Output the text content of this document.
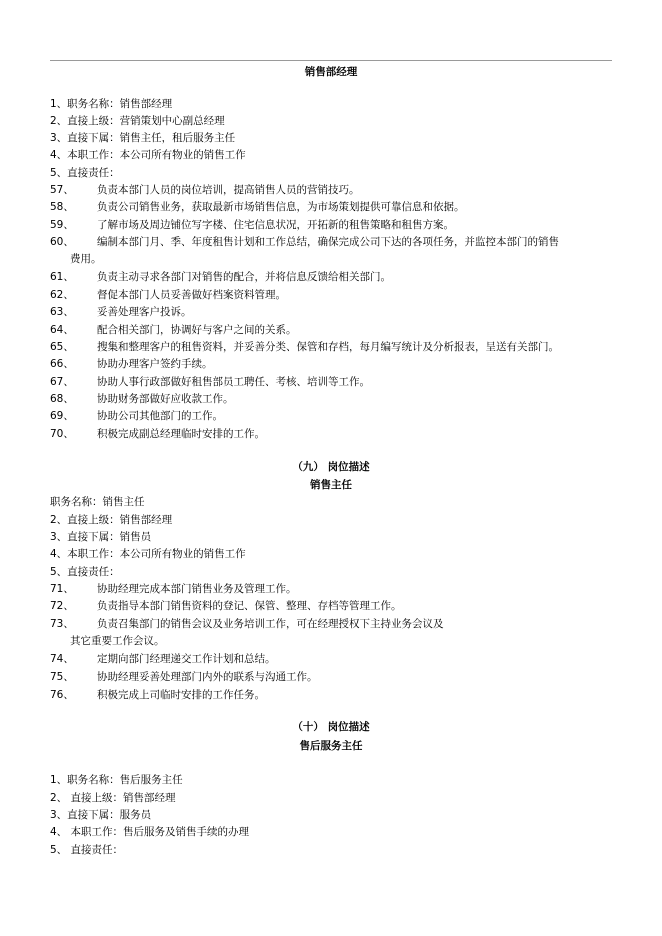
销售部经理
1、职务名称：销售部经理
2、直接上级：营销策划中心副总经理
3、直接下属：销售主任，租后服务主任
4、本职工作：本公司所有物业的销售工作
5、直接责任：
57、 负责本部门人员的岗位培训，提高销售人员的营销技巧。
58、 负责公司销售业务，获取最新市场销售信息，为市场策划提供可靠信息和依据。
59、 了解市场及周边铺位写字楼、住宅信息状况，开拓新的租售策略和租售方案。
60、 编制本部门月、季、年度租售计划和工作总结，确保完成公司下达的各项任务，并监控本部门的销售
费用。
61、 负责主动寻求各部门对销售的配合，并将信息反馈给相关部门。
62、 督促本部门人员妥善做好档案资料管理。
63、 妥善处理客户投诉。
64、 配合相关部门，协调好与客户之间的关系。
65、 搜集和整理客户的租售资料，并妥善分类、保管和存档，每月编写统计及分析报表，呈送有关部门。
66、 协助办理客户签约手续。
67、 协助人事行政部做好租售部员工聘任、考核、培训等工作。
68、 协助财务部做好应收款工作。
69、 协助公司其他部门的工作。
70、 积极完成副总经理临时安排的工作。
（九） 岗位描述
销售主任
职务名称：销售主任
2、直接上级：销售部经理
3、直接下属：销售员
4、本职工作：本公司所有物业的销售工作
5、直接责任：
71、 协助经理完成本部门销售业务及管理工作。
72、 负责指导本部门销售资料的登记、保管、整理、存档等管理工作。
73、 负责召集部门的销售会议及业务培训工作，可在经理授权下主持业务会议及
其它重要工作会议。
74、 定期向部门经理递交工作计划和总结。
75、 协助经理妥善处理部门内外的联系与沟通工作。
76、 积极完成上司临时安排的工作任务。
（十） 岗位描述
售后服务主任
1、职务名称：售后服务主任
2、 直接上级：销售部经理
3、直接下属：服务员
4、 本职工作：售后服务及销售手续的办理
5、 直接责任：
